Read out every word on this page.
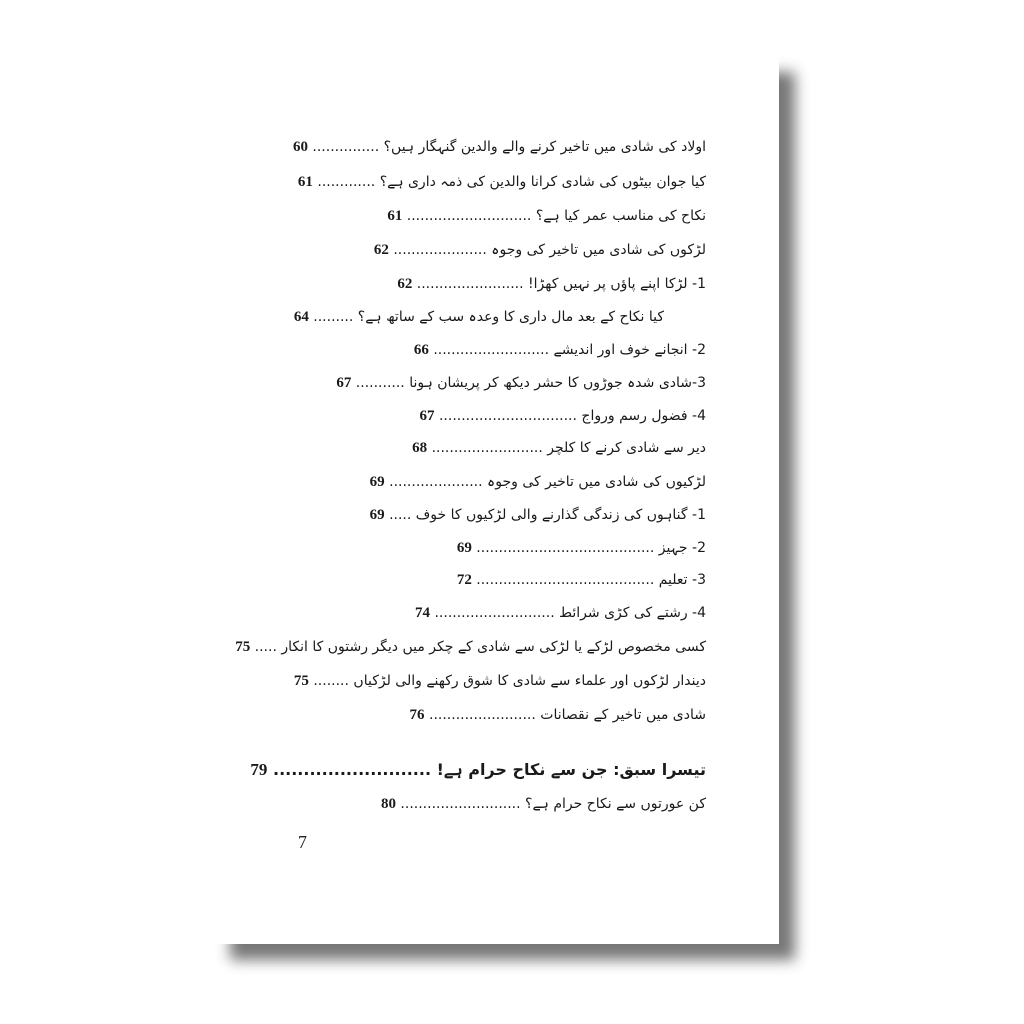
اولاد کی شادی میں تاخیر کرنے والے والدین گنہگار ہیں؟ ............... 60
کیا جوان بیٹوں کی شادی کرانا والدین کی ذمہ داری ہے؟ ............. 61
نکاح کی مناسب عمر کیا ہے؟ ............................ 61
لڑکوں کی شادی میں تاخیر کی وجوہ ..................... 62
1- لڑکا اپنے پاؤں پر نہیں کھڑا! ........................ 62
کیا نکاح کے بعد مال داری کا وعدہ سب کے ساتھ ہے؟ ......... 64
2- انجانے خوف اور اندیشے .......................... 66
3-شادی شدہ جوڑوں کا حشر دیکھ کر پریشان ہونا ........... 67
4- فضول رسم ورواج ............................... 67
دیر سے شادی کرنے کا کلچر ......................... 68
لڑکیوں کی شادی میں تاخیر کی وجوہ ..................... 69
1- گناہوں کی زندگی گذارنے والی لڑکیوں کا خوف ..... 69
2- جہیز ........................................ 69
3- تعلیم ........................................ 72
4- رشتے کی کڑی شرائط ........................... 74
کسی مخصوص لڑکے یا لڑکی سے شادی کے چکر میں دیگر رشتوں کا انکار ..... 75
دیندار لڑکوں اور علماء سے شادی کا شوق رکھنے والی لڑکیاں ........ 75
شادی میں تاخیر کے نقصانات ........................ 76
تیسرا سبق: جن سے نکاح حرام ہے! .......................... 79
کن عورتوں سے نکاح حرام ہے؟ ........................... 80
7
